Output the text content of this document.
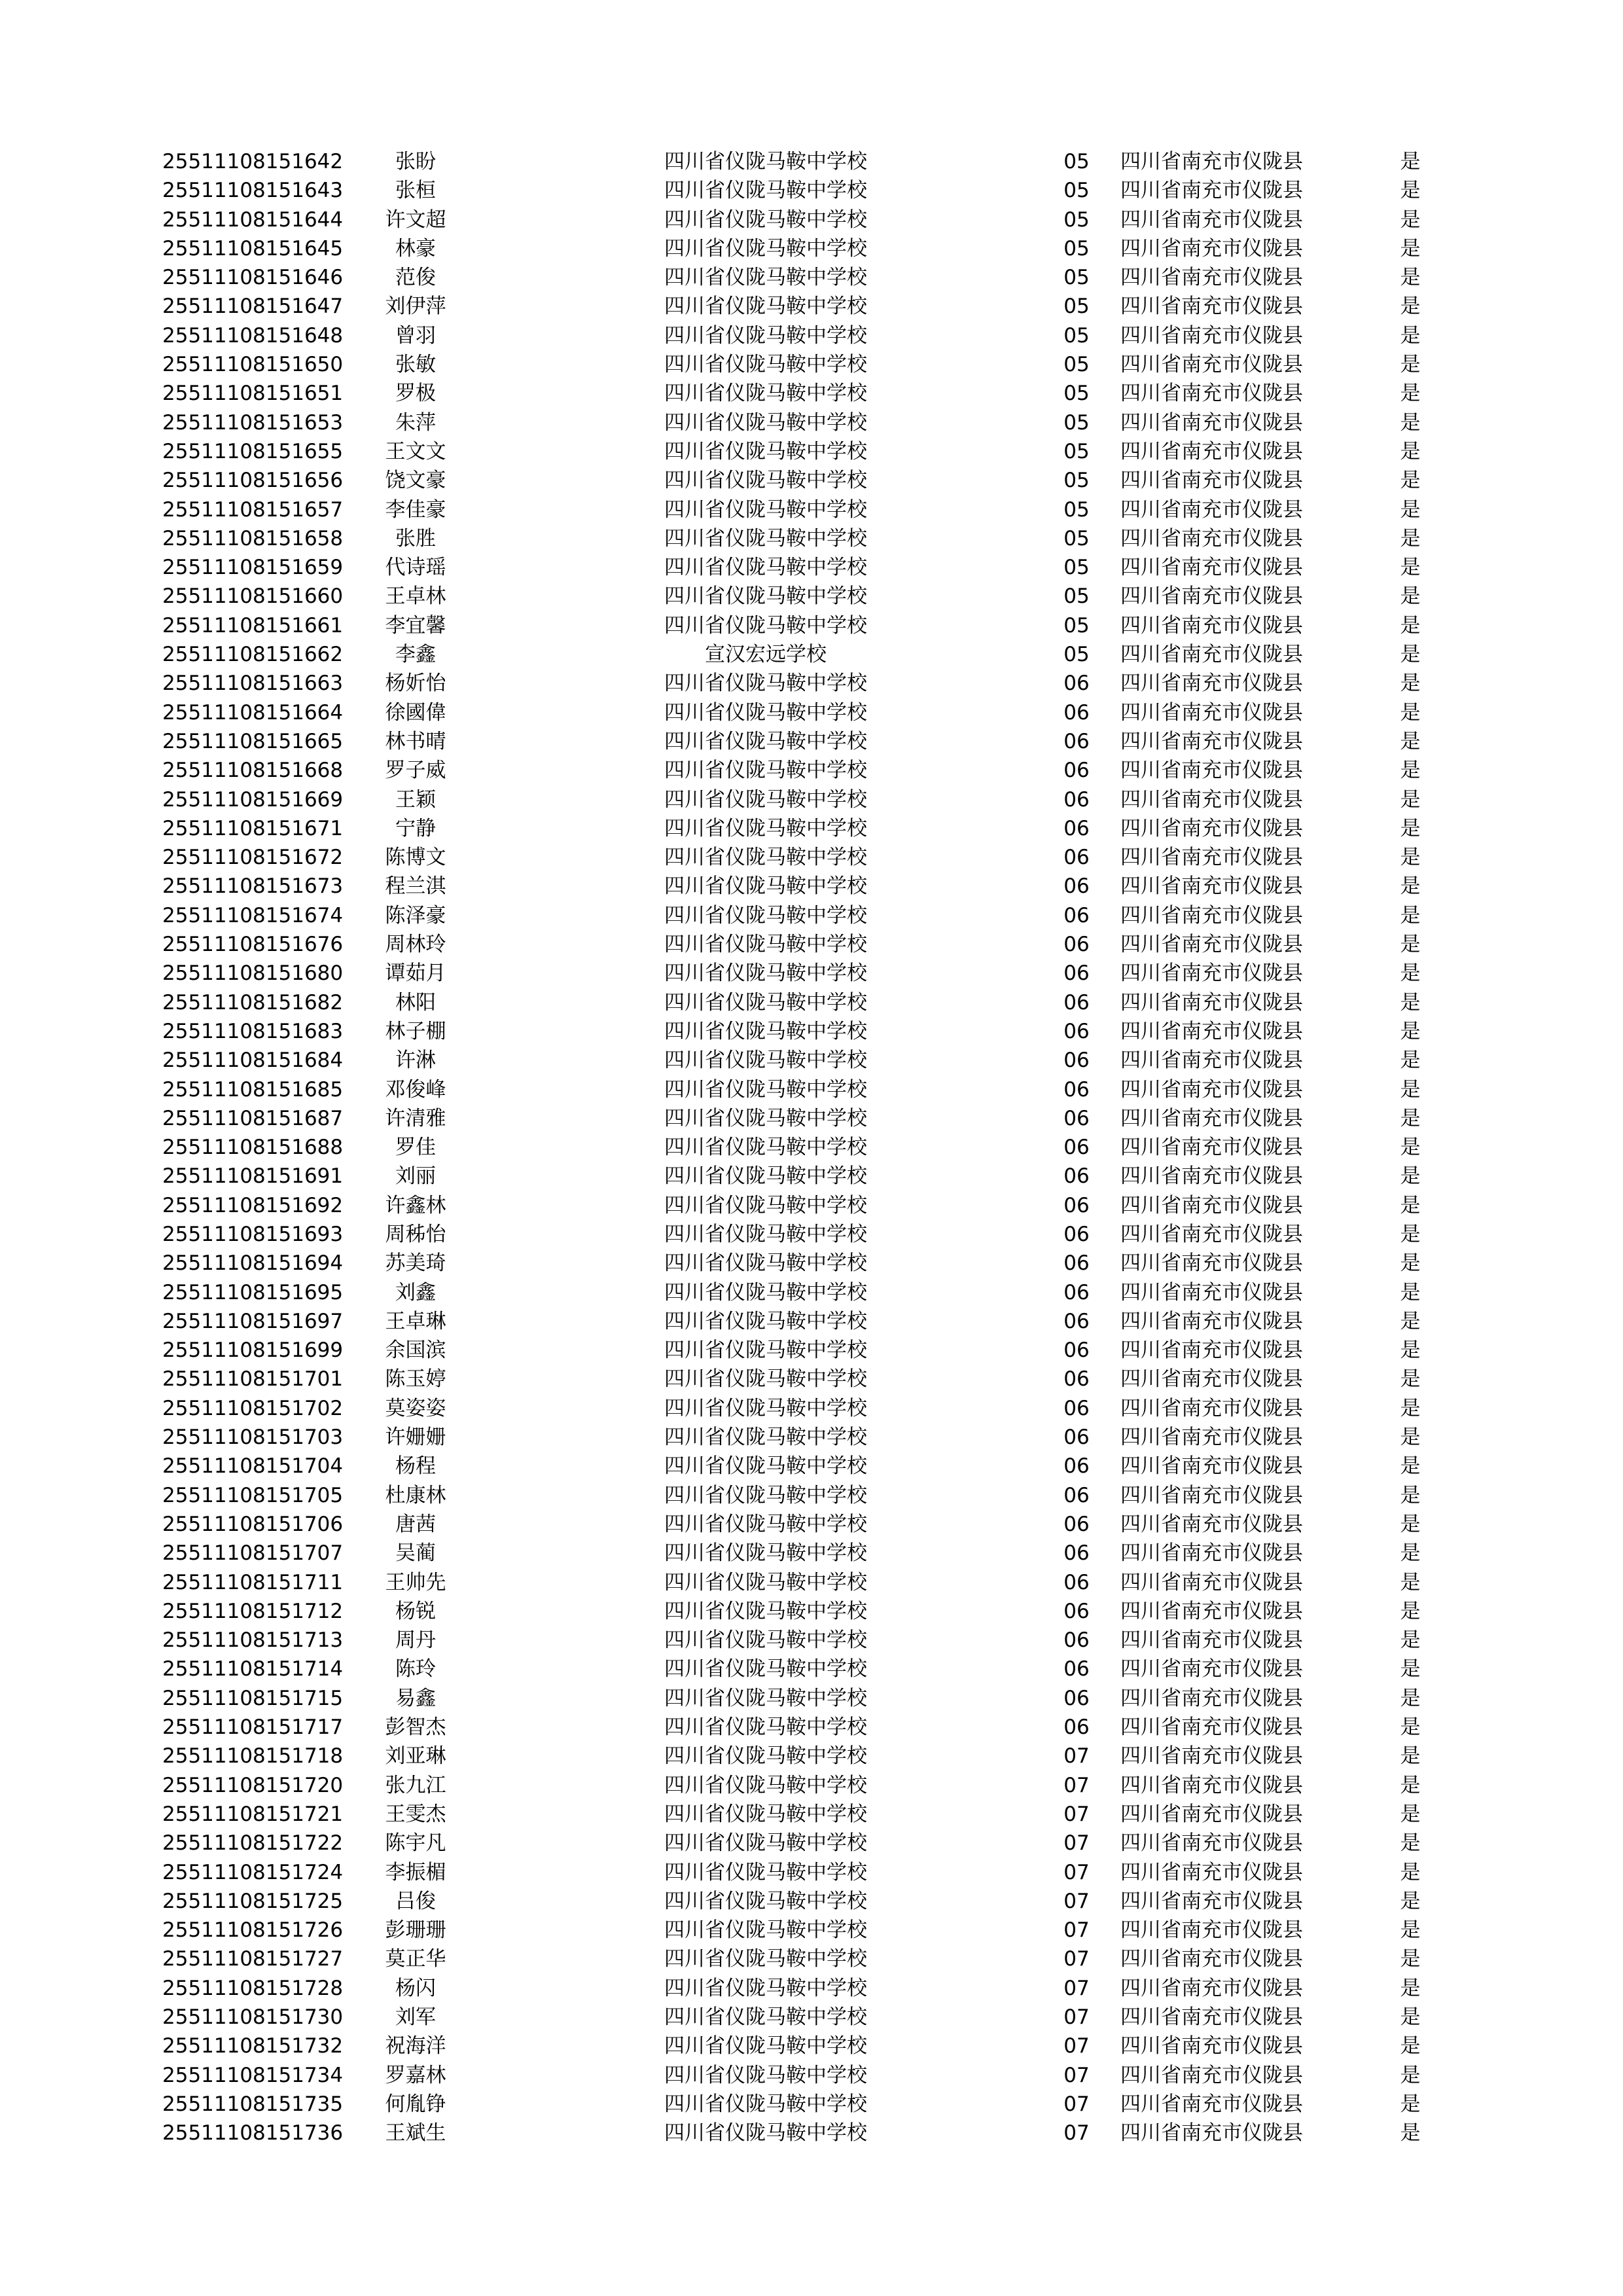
25511108151642	张盼	四川省仪陇马鞍中学校	05	四川省南充市仪陇县	是
25511108151643	张桓	四川省仪陇马鞍中学校	05	四川省南充市仪陇县	是
25511108151644	许文超	四川省仪陇马鞍中学校	05	四川省南充市仪陇县	是
25511108151645	林豪	四川省仪陇马鞍中学校	05	四川省南充市仪陇县	是
25511108151646	范俊	四川省仪陇马鞍中学校	05	四川省南充市仪陇县	是
25511108151647	刘伊萍	四川省仪陇马鞍中学校	05	四川省南充市仪陇县	是
25511108151648	曾羽	四川省仪陇马鞍中学校	05	四川省南充市仪陇县	是
25511108151650	张敏	四川省仪陇马鞍中学校	05	四川省南充市仪陇县	是
25511108151651	罗极	四川省仪陇马鞍中学校	05	四川省南充市仪陇县	是
25511108151653	朱萍	四川省仪陇马鞍中学校	05	四川省南充市仪陇县	是
25511108151655	王文文	四川省仪陇马鞍中学校	05	四川省南充市仪陇县	是
25511108151656	饶文豪	四川省仪陇马鞍中学校	05	四川省南充市仪陇县	是
25511108151657	李佳豪	四川省仪陇马鞍中学校	05	四川省南充市仪陇县	是
25511108151658	张胜	四川省仪陇马鞍中学校	05	四川省南充市仪陇县	是
25511108151659	代诗瑶	四川省仪陇马鞍中学校	05	四川省南充市仪陇县	是
25511108151660	王卓林	四川省仪陇马鞍中学校	05	四川省南充市仪陇县	是
25511108151661	李宜馨	四川省仪陇马鞍中学校	05	四川省南充市仪陇县	是
25511108151662	李鑫	宣汉宏远学校	05	四川省南充市仪陇县	是
25511108151663	杨妡怡	四川省仪陇马鞍中学校	06	四川省南充市仪陇县	是
25511108151664	徐國偉	四川省仪陇马鞍中学校	06	四川省南充市仪陇县	是
25511108151665	林书晴	四川省仪陇马鞍中学校	06	四川省南充市仪陇县	是
25511108151668	罗子威	四川省仪陇马鞍中学校	06	四川省南充市仪陇县	是
25511108151669	王颖	四川省仪陇马鞍中学校	06	四川省南充市仪陇县	是
25511108151671	宁静	四川省仪陇马鞍中学校	06	四川省南充市仪陇县	是
25511108151672	陈博文	四川省仪陇马鞍中学校	06	四川省南充市仪陇县	是
25511108151673	程兰淇	四川省仪陇马鞍中学校	06	四川省南充市仪陇县	是
25511108151674	陈泽豪	四川省仪陇马鞍中学校	06	四川省南充市仪陇县	是
25511108151676	周林玲	四川省仪陇马鞍中学校	06	四川省南充市仪陇县	是
25511108151680	谭茹月	四川省仪陇马鞍中学校	06	四川省南充市仪陇县	是
25511108151682	林阳	四川省仪陇马鞍中学校	06	四川省南充市仪陇县	是
25511108151683	林子棚	四川省仪陇马鞍中学校	06	四川省南充市仪陇县	是
25511108151684	许淋	四川省仪陇马鞍中学校	06	四川省南充市仪陇县	是
25511108151685	邓俊峰	四川省仪陇马鞍中学校	06	四川省南充市仪陇县	是
25511108151687	许清雅	四川省仪陇马鞍中学校	06	四川省南充市仪陇县	是
25511108151688	罗佳	四川省仪陇马鞍中学校	06	四川省南充市仪陇县	是
25511108151691	刘丽	四川省仪陇马鞍中学校	06	四川省南充市仪陇县	是
25511108151692	许鑫林	四川省仪陇马鞍中学校	06	四川省南充市仪陇县	是
25511108151693	周秭怡	四川省仪陇马鞍中学校	06	四川省南充市仪陇县	是
25511108151694	苏美琦	四川省仪陇马鞍中学校	06	四川省南充市仪陇县	是
25511108151695	刘鑫	四川省仪陇马鞍中学校	06	四川省南充市仪陇县	是
25511108151697	王卓琳	四川省仪陇马鞍中学校	06	四川省南充市仪陇县	是
25511108151699	余国滨	四川省仪陇马鞍中学校	06	四川省南充市仪陇县	是
25511108151701	陈玉婷	四川省仪陇马鞍中学校	06	四川省南充市仪陇县	是
25511108151702	莫姿姿	四川省仪陇马鞍中学校	06	四川省南充市仪陇县	是
25511108151703	许姗姗	四川省仪陇马鞍中学校	06	四川省南充市仪陇县	是
25511108151704	杨程	四川省仪陇马鞍中学校	06	四川省南充市仪陇县	是
25511108151705	杜康林	四川省仪陇马鞍中学校	06	四川省南充市仪陇县	是
25511108151706	唐茜	四川省仪陇马鞍中学校	06	四川省南充市仪陇县	是
25511108151707	吴蔺	四川省仪陇马鞍中学校	06	四川省南充市仪陇县	是
25511108151711	王帅先	四川省仪陇马鞍中学校	06	四川省南充市仪陇县	是
25511108151712	杨锐	四川省仪陇马鞍中学校	06	四川省南充市仪陇县	是
25511108151713	周丹	四川省仪陇马鞍中学校	06	四川省南充市仪陇县	是
25511108151714	陈玲	四川省仪陇马鞍中学校	06	四川省南充市仪陇县	是
25511108151715	易鑫	四川省仪陇马鞍中学校	06	四川省南充市仪陇县	是
25511108151717	彭智杰	四川省仪陇马鞍中学校	06	四川省南充市仪陇县	是
25511108151718	刘亚琳	四川省仪陇马鞍中学校	07	四川省南充市仪陇县	是
25511108151720	张九江	四川省仪陇马鞍中学校	07	四川省南充市仪陇县	是
25511108151721	王雯杰	四川省仪陇马鞍中学校	07	四川省南充市仪陇县	是
25511108151722	陈宇凡	四川省仪陇马鞍中学校	07	四川省南充市仪陇县	是
25511108151724	李振楣	四川省仪陇马鞍中学校	07	四川省南充市仪陇县	是
25511108151725	吕俊	四川省仪陇马鞍中学校	07	四川省南充市仪陇县	是
25511108151726	彭珊珊	四川省仪陇马鞍中学校	07	四川省南充市仪陇县	是
25511108151727	莫正华	四川省仪陇马鞍中学校	07	四川省南充市仪陇县	是
25511108151728	杨闪	四川省仪陇马鞍中学校	07	四川省南充市仪陇县	是
25511108151730	刘军	四川省仪陇马鞍中学校	07	四川省南充市仪陇县	是
25511108151732	祝海洋	四川省仪陇马鞍中学校	07	四川省南充市仪陇县	是
25511108151734	罗嘉林	四川省仪陇马鞍中学校	07	四川省南充市仪陇县	是
25511108151735	何胤铮	四川省仪陇马鞍中学校	07	四川省南充市仪陇县	是
25511108151736	王斌生	四川省仪陇马鞍中学校	07	四川省南充市仪陇县	是
